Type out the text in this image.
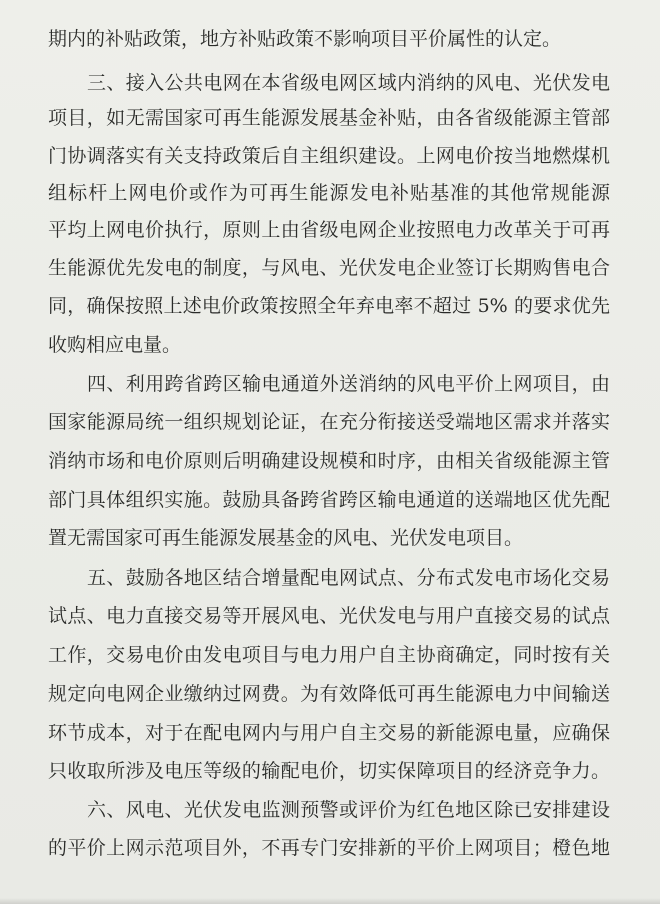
期内的补贴政策，地方补贴政策不影响项目平价属性的认定。
三、接入公共电网在本省级电网区域内消纳的风电、光伏发电
项目，如无需国家可再生能源发展基金补贴，由各省级能源主管部
门协调落实有关支持政策后自主组织建设。上网电价按当地燃煤机
组标杆上网电价或作为可再生能源发电补贴基准的其他常规能源
平均上网电价执行，原则上由省级电网企业按照电力改革关于可再
生能源优先发电的制度，与风电、光伏发电企业签订长期购售电合
同，确保按照上述电价政策按照全年弃电率不超过 5% 的要求优先
收购相应电量。
四、利用跨省跨区输电通道外送消纳的风电平价上网项目，由
国家能源局统一组织规划论证，在充分衔接送受端地区需求并落实
消纳市场和电价原则后明确建设规模和时序，由相关省级能源主管
部门具体组织实施。鼓励具备跨省跨区输电通道的送端地区优先配
置无需国家可再生能源发展基金的风电、光伏发电项目。
五、鼓励各地区结合增量配电网试点、分布式发电市场化交易
试点、电力直接交易等开展风电、光伏发电与用户直接交易的试点
工作，交易电价由发电项目与电力用户自主协商确定，同时按有关
规定向电网企业缴纳过网费。为有效降低可再生能源电力中间输送
环节成本，对于在配电网内与用户自主交易的新能源电量，应确保
只收取所涉及电压等级的输配电价，切实保障项目的经济竞争力。
六、风电、光伏发电监测预警或评价为红色地区除已安排建设
的平价上网示范项目外，不再专门安排新的平价上网项目；橙色地
